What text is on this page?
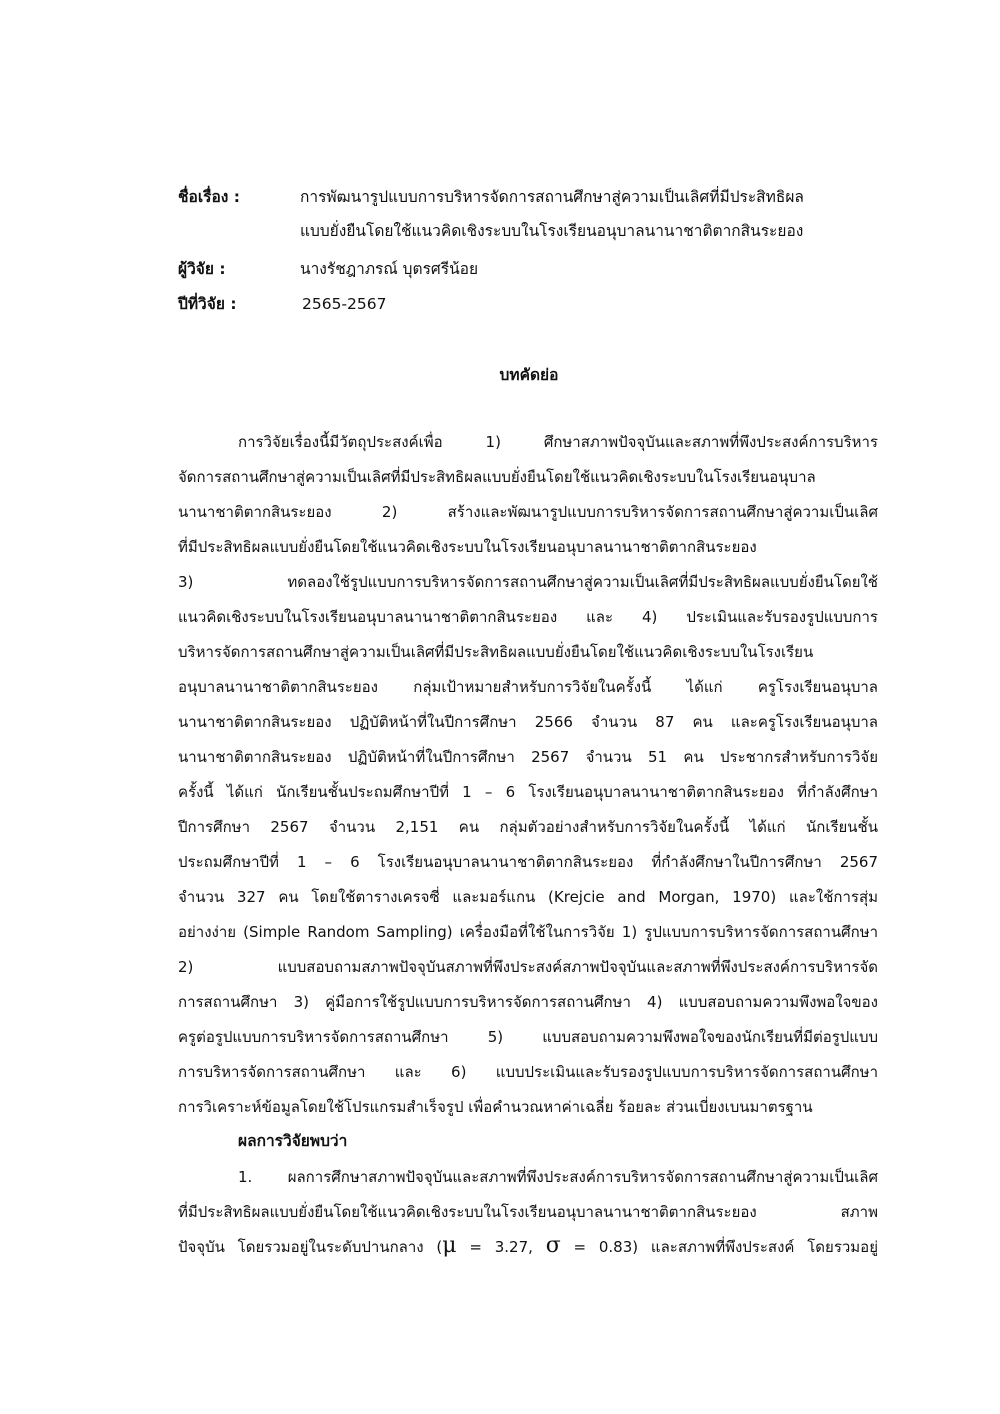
ชื่อเรื่อง :	การพัฒนารูปแบบการบริหารจัดการสถานศึกษาสู่ความเป็นเลิศที่มีประสิทธิผล
แบบยั่งยืนโดยใช้แนวคิดเชิงระบบในโรงเรียนอนุบาลนานาชาติตากสินระยอง
ผู้วิจัย :	นางรัชฎาภรณ์ บุตรศรีน้อย
ปีที่วิจัย :	2565-2567
บทคัดย่อ
การวิจัยเรื่องนี้มีวัตถุประสงค์เพื่อ 1) ศึกษาสภาพปัจจุบันและสภาพที่พึงประสงค์การบริหาร
จัดการสถานศึกษาสู่ความเป็นเลิศที่มีประสิทธิผลแบบยั่งยืนโดยใช้แนวคิดเชิงระบบในโรงเรียนอนุบาล
นานาชาติตากสินระยอง 2) สร้างและพัฒนารูปแบบการบริหารจัดการสถานศึกษาสู่ความเป็นเลิศ
ที่มีประสิทธิผลแบบยั่งยืนโดยใช้แนวคิดเชิงระบบในโรงเรียนอนุบาลนานาชาติตากสินระยอง
3) ทดลองใช้รูปแบบการบริหารจัดการสถานศึกษาสู่ความเป็นเลิศที่มีประสิทธิผลแบบยั่งยืนโดยใช้
แนวคิดเชิงระบบในโรงเรียนอนุบาลนานาชาติตากสินระยอง และ 4) ประเมินและรับรองรูปแบบการ
บริหารจัดการสถานศึกษาสู่ความเป็นเลิศที่มีประสิทธิผลแบบยั่งยืนโดยใช้แนวคิดเชิงระบบในโรงเรียน
อนุบาลนานาชาติตากสินระยอง กลุ่มเป้าหมายสำหรับการวิจัยในครั้งนี้ ได้แก่ ครูโรงเรียนอนุบาล
นานาชาติตากสินระยอง ปฏิบัติหน้าที่ในปีการศึกษา 2566 จำนวน 87 คน และครูโรงเรียนอนุบาล
นานาชาติตากสินระยอง ปฏิบัติหน้าที่ในปีการศึกษา 2567 จำนวน 51 คน ประชากรสำหรับการวิจัย
ครั้งนี้ ได้แก่ นักเรียนชั้นประถมศึกษาปีที่ 1 – 6 โรงเรียนอนุบาลนานาชาติตากสินระยอง ที่กำลังศึกษา
ปีการศึกษา 2567 จำนวน 2,151 คน กลุ่มตัวอย่างสำหรับการวิจัยในครั้งนี้ ได้แก่ นักเรียนชั้น
ประถมศึกษาปีที่ 1 – 6 โรงเรียนอนุบาลนานาชาติตากสินระยอง ที่กำลังศึกษาในปีการศึกษา 2567
จำนวน 327 คน โดยใช้ตารางเครจซี่ และมอร์แกน (Krejcie and Morgan, 1970) และใช้การสุ่ม
อย่างง่าย (Simple Random Sampling) เครื่องมือที่ใช้ในการวิจัย 1) รูปแบบการบริหารจัดการสถานศึกษา
2) แบบสอบถามสภาพปัจจุบันสภาพที่พึงประสงค์สภาพปัจจุบันและสภาพที่พึงประสงค์การบริหารจัด
การสถานศึกษา 3) คู่มือการใช้รูปแบบการบริหารจัดการสถานศึกษา 4) แบบสอบถามความพึงพอใจของ
ครูต่อรูปแบบการบริหารจัดการสถานศึกษา 5) แบบสอบถามความพึงพอใจของนักเรียนที่มีต่อรูปแบบ
การบริหารจัดการสถานศึกษา และ 6) แบบประเมินและรับรองรูปแบบการบริหารจัดการสถานศึกษา
การวิเคราะห์ข้อมูลโดยใช้โปรแกรมสำเร็จรูป เพื่อคำนวณหาค่าเฉลี่ย ร้อยละ ส่วนเบี่ยงเบนมาตรฐาน
ผลการวิจัยพบว่า
1. ผลการศึกษาสภาพปัจจุบันและสภาพที่พึงประสงค์การบริหารจัดการสถานศึกษาสู่ความเป็นเลิศ
ที่มีประสิทธิผลแบบยั่งยืนโดยใช้แนวคิดเชิงระบบในโรงเรียนอนุบาลนานาชาติตากสินระยอง สภาพ
ปัจจุบัน โดยรวมอยู่ในระดับปานกลาง (μ = 3.27, σ = 0.83) และสภาพที่พึงประสงค์ โดยรวมอยู่
